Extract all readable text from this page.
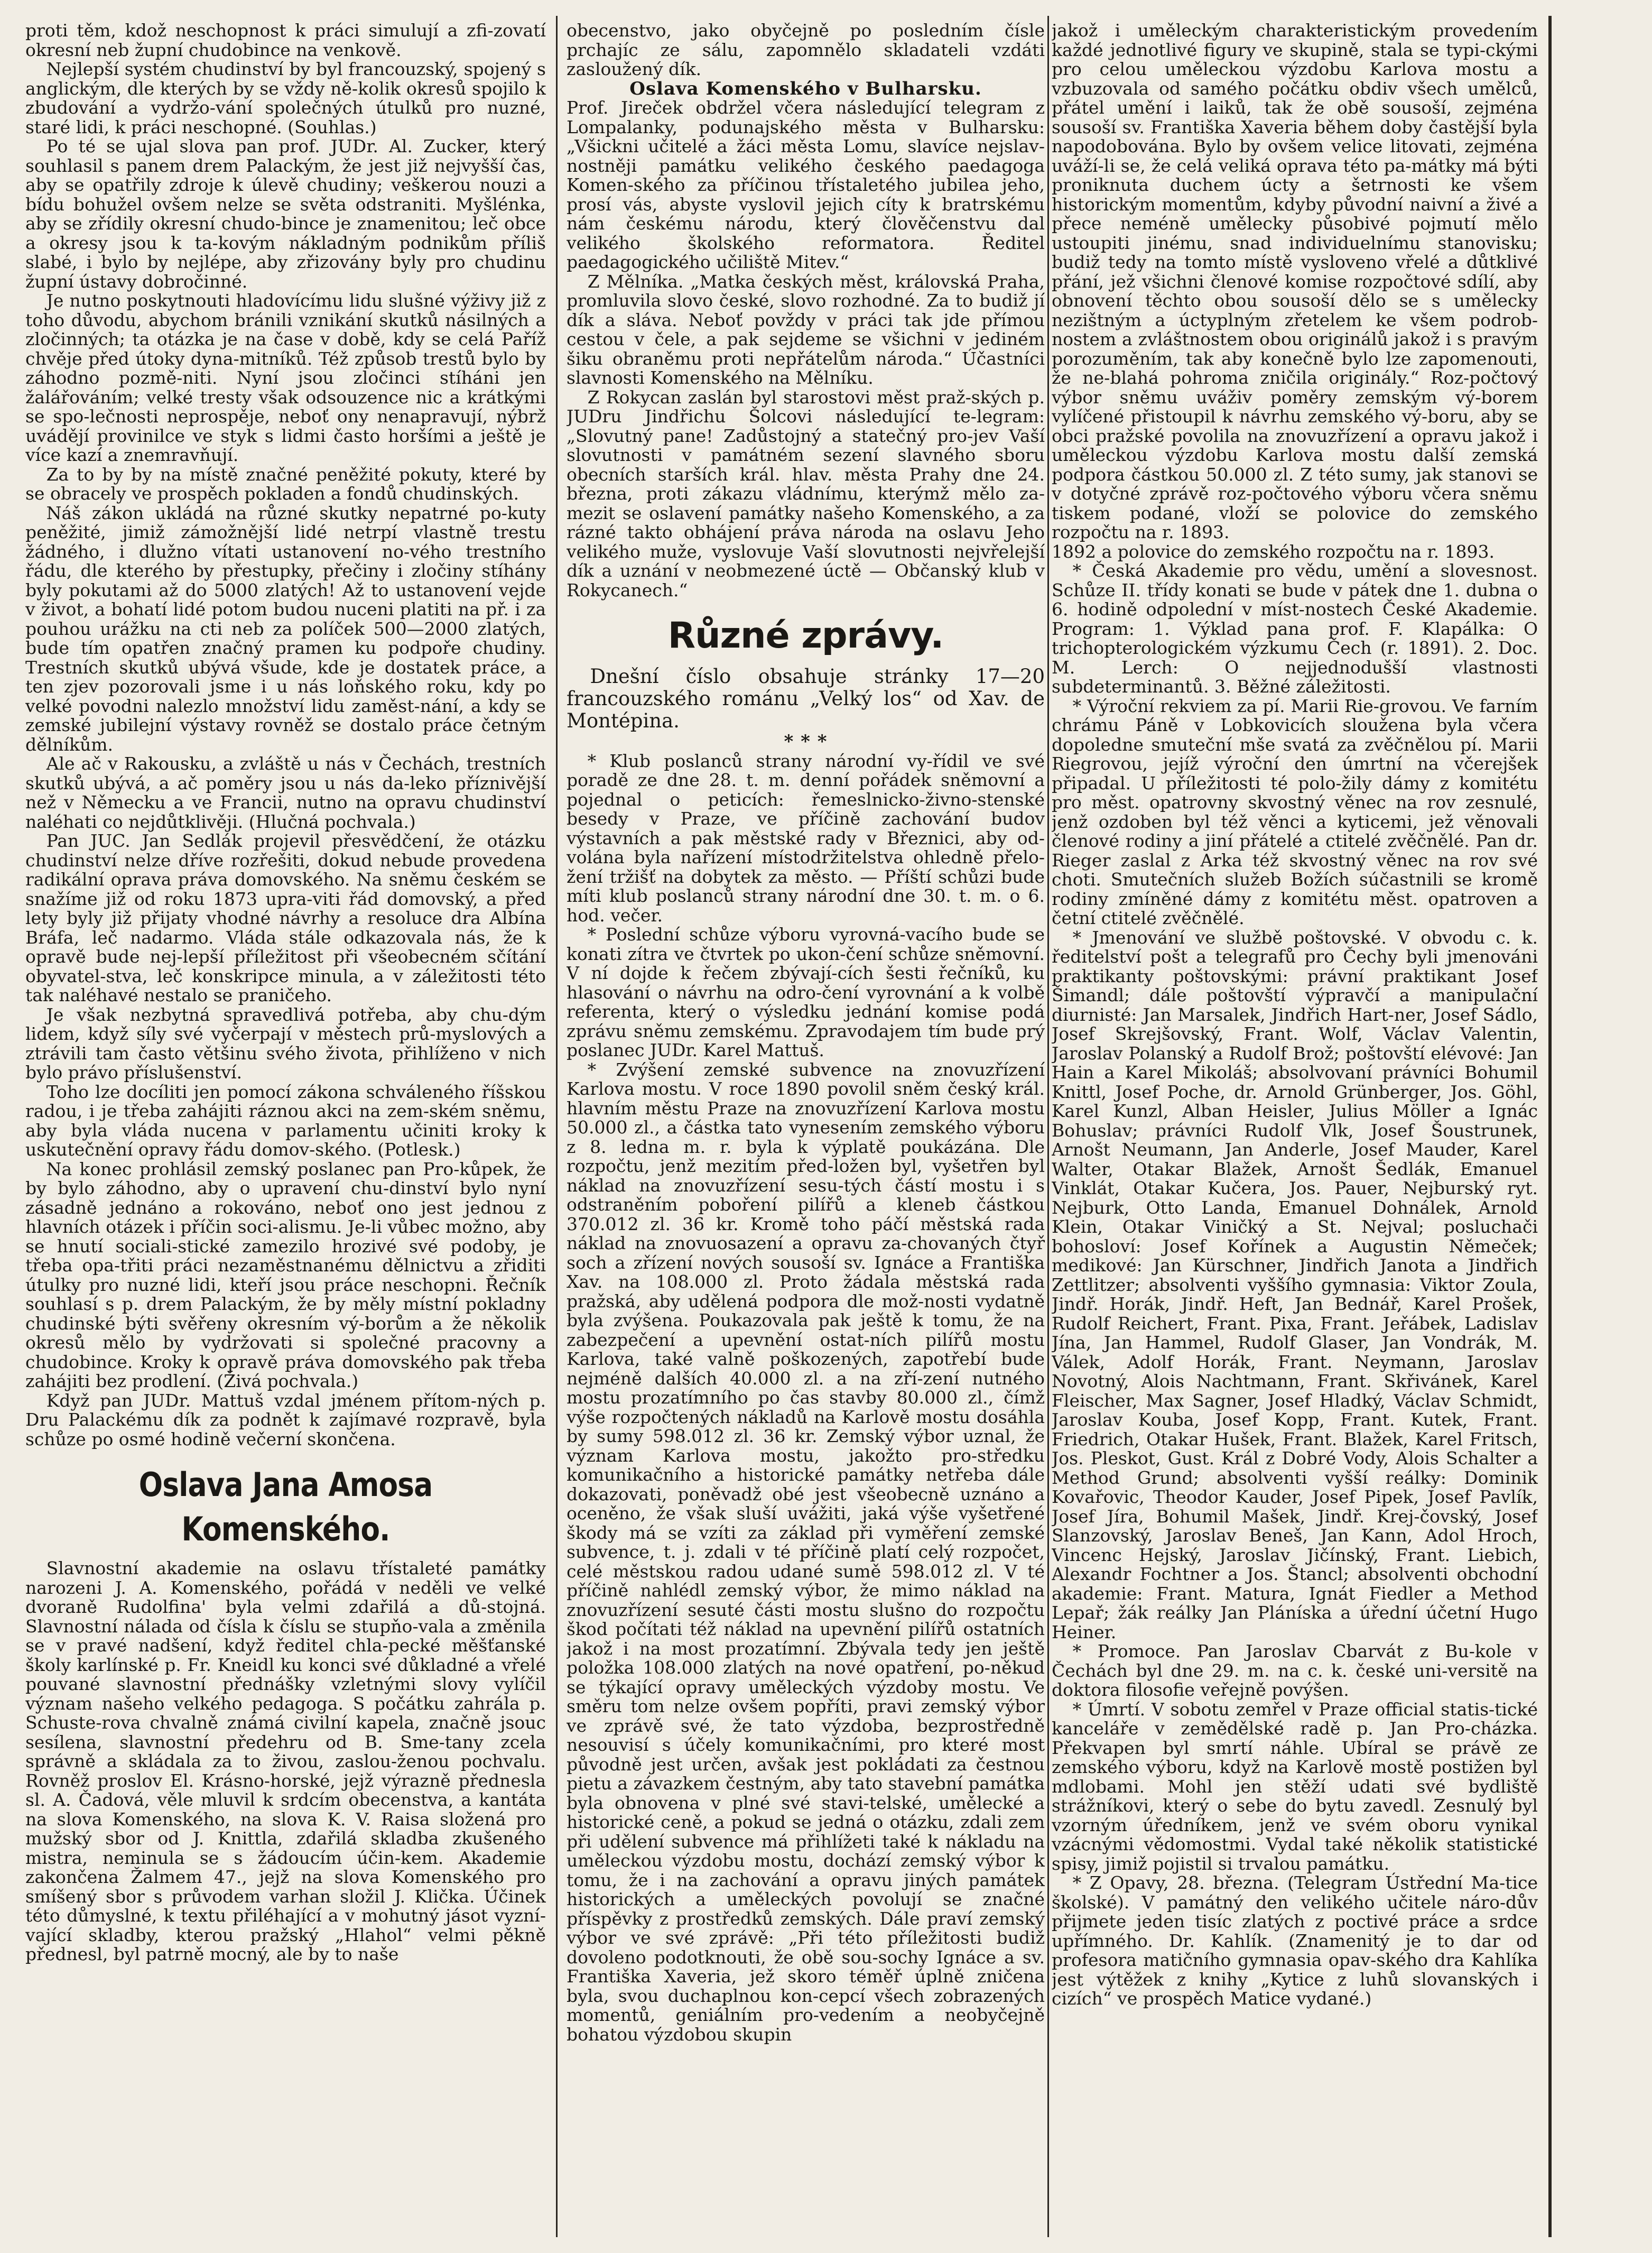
proti těm, kdož neschopnost k práci simulují a zfi-zovatí okresní neb župní chudobince na venkově.

Nejlepší systém chudinství by byl francouzský, spojený s anglickým, dle kterých by se vždy ně-kolik okresů spojilo k zbudování a vydržo-vání společných útulků pro nuzné, staré lidi, k práci neschopné. (Souhlas.)

Po té se ujal slova pan prof. JUDr. Al. Zucker, který souhlasil s panem drem Palackým, že jest již nejvyšší čas, aby se opatřily zdroje k úlevě chudiny; veškerou nouzi a bídu bohužel ovšem nelze se světa odstraniti. Myšlénka, aby se zřídily okresní chudo-bince je znamenitou; leč obce a okresy jsou k ta-kovým nákladným podnikům příliš slabé, i bylo by nejlépe, aby zřizovány byly pro chudinu župní ústavy dobročinné.

Je nutno poskytnouti hladovícímu lidu slušné výživy již z toho důvodu, abychom bránili vznikání skutků násilných a zločinných; ta otázka je na čase v době, kdy se celá Paříž chvěje před útoky dyna-mitníků. Též způsob trestů bylo by záhodno pozmě-niti. Nyní jsou zločinci stíháni jen žalářováním; velké tresty však odsouzence nic a krátkými se spo-lečnosti neprospěje, neboť ony nenapravují, nýbrž uvádějí provinilce ve styk s lidmi často horšími a ještě je více kazí a znemravňují.

Za to by by na místě značné peněžité pokuty, které by se obracely ve prospěch pokladen a fondů chudinských.

Náš zákon ukládá na různé skutky nepatrné po-kuty peněžité, jimiž zámožnější lidé netrpí vlastně trestu žádného, i dlužno vítati ustanovení no-vého trestního řádu, dle kterého by přestupky, přečiny i zločiny stíhány byly pokutami až do 5000 zlatých! Až to ustanovení vejde v život, a bohatí lidé potom budou nuceni platiti na př. i za pouhou urážku na cti neb za políček 500—2000 zlatých, bude tím opatřen značný pramen ku podpoře chudiny. Trestních skutků ubývá všude, kde je dostatek práce, a ten zjev pozorovali jsme i u nás loňského roku, kdy po velké povodni nalezlo množství lidu zaměst-nání, a kdy se zemské jubilejní výstavy rovněž se dostalo práce četným dělníkům.

Ale ač v Rakousku, a zvláště u nás v Čechách, trestních skutků ubývá, a ač poměry jsou u nás da-leko příznivější než v Německu a ve Francii, nutno na opravu chudinství naléhati co nejdůtklivěji. (Hlučná pochvala.)

Pan JUC. Jan Sedlák projevil přesvědčení, že otázku chudinství nelze dříve rozřešiti, dokud nebude provedena radikální oprava práva domovského. Na sněmu českém se snažíme již od roku 1873 upra-viti řád domovský, a před lety byly již přijaty vhodné návrhy a resoluce dra Albína Bráfa, leč nadarmo. Vláda stále odkazovala nás, že k opravě bude nej-lepší příležitost při všeobecném sčítání obyvatel-stva, leč konskripce minula, a v záležitosti této tak naléhavé nestalo se praničeho.

Je však nezbytná spravedlivá potřeba, aby chu-dým lidem, když síly své vyčerpají v městech prů-myslových a ztrávili tam často většinu svého života, přihlíženo v nich bylo právo příslušenství.

Toho lze docíliti jen pomocí zákona schváleného říšskou radou, i je třeba zahájiti ráznou akci na zem-ském sněmu, aby byla vláda nucena v parlamentu učiniti kroky k uskutečnění opravy řádu domov-ského. (Potlesk.)

Na konec prohlásil zemský poslanec pan Pro-kůpek, že by bylo záhodno, aby o upravení chu-dinství bylo nyní zásadně jednáno a rokováno, neboť ono jest jednou z hlavních otázek i příčin soci-alismu. Je-li vůbec možno, aby se hnutí sociali-stické zamezilo hrozivé své podoby, je třeba opa-třiti práci nezaměstnanému dělnictvu a zřiditi útulky pro nuzné lidi, kteří jsou práce neschopni. Řečník souhlasí s p. drem Palackým, že by měly místní pokladny chudinské býti svěřeny okresním vý-borům a že několik okresů mělo by vydržovati si společné pracovny a chudobince. Kroky k opravě práva domovského pak třeba zahájiti bez prodlení. (Živá pochvala.)

Když pan JUDr. Mattuš vzdal jménem přítom-ných p. Dru Palackému dík za podnět k zajímavé rozpravě, byla schůze po osmé hodině večerní skončena.

Oslava Jana Amosa Komenského.

Slavnostní akademie na oslavu třístaleté památky narozeni J. A. Komenského, pořádá v neděli ve velké dvoraně Rudolfina' byla velmi zdařilá a dů-stojná. Slavnostní nálada od čísla k číslu se stupňo-vala a změnila se v pravé nadšení, když ředitel chla-pecké měšťanské školy karlínské p. Fr. Kneidl ku konci své důkladné a vřelé pouvané slavnostní přednášky vzletnými slovy vylíčil význam našeho velkého pedagoga. S počátku zahrála p. Schuste-rova chvalně známá civilní kapela, značně jsouc sesílena, slavnostní předehru od B. Sme-tany zcela správně a skládala za to živou, zaslou-ženou pochvalu. Rovněž proslov El. Krásno-horské, jejž výrazně přednesla sl. A. Čadová, věle mluvil k srdcím obecenstva, a kantáta na slova Komenského, na slova K. V. Raisa složená pro mužský sbor od J. Knittla, zdařilá skladba zkušeného mistra, neminula se s žádoucím účin-kem. Akademie zakončena Žalmem 47., jejž na slova Komenského pro smíšený sbor s průvodem varhan složil J. Klička. Účinek této důmyslné, k textu přiléhající a v mohutný jásot vyzní-vající skladby, kterou pražský „Hlahol“ velmi pěkně přednesl, byl patrně mocný, ale by to naše

obecenstvo, jako obyčejně po posledním čísle prchajíc ze sálu, zapomnělo skladateli vzdáti zasloužený dík.

Oslava Komenského v Bulharsku.

Prof. Jireček obdržel včera následující telegram z Lompalanky, podunajského města v Bulharsku: „Všickni učitelé a žáci města Lomu, slavíce nejslav-nostněji památku velikého českého paedagoga Komen-ského za příčinou třístaletého jubilea jeho, prosí vás, abyste vyslovil jejich cíty k bratrskému nám českému národu, který člověčenstvu dal velikého školského reformatora. Ředitel paedagogického učiliště Mitev.“

Z Mělníka. „Matka českých měst, královská Praha, promluvila slovo české, slovo rozhodné. Za to budiž jí dík a sláva. Neboť povždy v práci tak jde přímou cestou v čele, a pak sejdeme se všichni v jediném šiku obraněmu proti nepřátelům národa.“ Účastníci slavnosti Komenského na Mělníku.

Z Rokycan zaslán byl starostovi měst praž-ských p. JUDru Jindřichu Šolcovi následující te-legram: „Slovutný pane! Zadůstojný a statečný pro-jev Vaší slovutnosti v památném sezení slavného sboru obecních starších král. hlav. města Prahy dne 24. března, proti zákazu vládnímu, kterýmž mělo za-mezit se oslavení památky našeho Komenského, a za rázné takto obhájení práva národa na oslavu Jeho velikého muže, vyslovuje Vaší slovutnosti nejvřelejší dík a uznání v neobmezené úctě — Občanský klub v Rokycanech.“

Různé zprávy.

Dnešní číslo obsahuje stránky 17—20 francouzského románu „Velký los“ od Xav. de Montépina.

* * *

* Klub poslanců strany národní vy-řídil ve své poradě ze dne 28. t. m. denní pořádek sněmovní a pojednal o peticích: řemeslnicko-živno-stenské besedy v Praze, ve příčině zachování budov výstavních a pak městské rady v Březnici, aby od-volána byla nařízení místodržitelstva ohledně přelo-žení tržišť na dobytek za město. — Příští schůzi bude míti klub poslanců strany národní dne 30. t. m. o 6. hod. večer.

* Poslední schůze výboru vyrovná-vacího bude se konati zítra ve čtvrtek po ukon-čení schůze sněmovní. V ní dojde k řečem zbývají-cích šesti řečníků, ku hlasování o návrhu na odro-čení vyrovnání a k volbě referenta, který o výsledku jednání komise podá zprávu sněmu zemskému. Zpravodajem tím bude prý poslanec JUDr. Karel Mattuš.

* Zvýšení zemské subvence na znovuzřízení Karlova mostu. V roce 1890 povolil sněm český král. hlavním městu Praze na znovuzřízení Karlova mostu 50.000 zl., a částka tato vynesením zemského výboru z 8. ledna m. r. byla k výplatě poukázána. Dle rozpočtu, jenž mezitím před-ložen byl, vyšetřen byl náklad na znovuzřízení sesu-tých částí mostu i s odstraněním poboření pilířů a kleneb částkou 370.012 zl. 36 kr. Kromě toho páčí městská rada náklad na znovuosazení a opravu za-chovaných čtyř soch a zřízení nových sousoší sv. Ignáce a Františka Xav. na 108.000 zl. Proto žádala městská rada pražská, aby udělená podpora dle mož-nosti vydatně byla zvýšena. Poukazovala pak ještě k tomu, že na zabezpečení a upevnění ostat-ních pilířů mostu Karlova, také valně poškozených, zapotřebí bude nejméně dalších 40.000 zl. a na zří-zení nutného mostu prozatímního po čas stavby 80.000 zl., čímž výše rozpočtených nákladů na Karlově mostu dosáhla by sumy 598.012 zl. 36 kr. Zemský výbor uznal, že význam Karlova mostu, jakožto pro-středku komunikačního a historické památky netřeba dále dokazovati, poněvadž obé jest všeobecně uznáno a oceněno, že však sluší uvážiti, jaká výše vyšetřené škody má se vzíti za základ při vyměření zemské subvence, t. j. zdali v té příčině platí celý rozpočet, celé městskou radou udané sumě 598.012 zl. V té příčině nahlédl zemský výbor, že mimo náklad na znovuzřízení sesuté části mostu slušno do rozpočtu škod počítati též náklad na upevnění pilířů ostatních jakož i na most prozatímní. Zbývala tedy jen ještě položka 108.000 zlatých na nové opatření, po-někud se týkající opravy uměleckých výzdoby mostu. Ve směru tom nelze ovšem popříti, pravi zemský výbor ve zprávě své, že tato výzdoba, bezprostředně nesouvisí s účely komunikačními, pro které most původně jest určen, avšak jest pokládati za čestnou pietu a závazkem čestným, aby tato stavební památka byla obnovena v plné své stavi-telské, umělecké a historické ceně, a pokud se jedná o otázku, zdali zem při udělení subvence má přihlížeti také k nákladu na uměleckou výzdobu mostu, dochází zemský výbor k tomu, že i na zachování a opravu jiných památek historických a uměleckých povolují se značné příspěvky z prostředků zemských. Dále praví zemský výbor ve své zprávě: „Při této příležitosti budiž dovoleno podotknouti, že obě sou-sochy Ignáce a sv. Františka Xaveria, jež skoro téměř úplně zničena byla, svou duchaplnou kon-cepcí všech zobrazených momentů, geniálním pro-vedením a neobyčejně bohatou výzdobou skupin

jakož i uměleckým charakteristickým provedením každé jednotlivé figury ve skupině, stala se typi-ckými pro celou uměleckou výzdobu Karlova mostu a vzbuzovala od samého počátku obdiv všech umělců, přátel umění i laiků, tak že obě sousoší, zejména sousoší sv. Františka Xaveria během doby častější byla napodobována. Bylo by ovšem velice litovati, zejména uváží-li se, že celá veliká oprava této pa-mátky má býti proniknuta duchem úcty a šetrnosti ke všem historickým momentům, kdyby původní naivní a živé a přece neméně umělecky působivé pojmutí mělo ustoupiti jinému, snad individuelnímu stanovisku; budiž tedy na tomto místě vysloveno vřelé a důtklivé přání, jež všichni členové komise rozpočtové sdílí, aby obnovení těchto obou sousoší dělo se s umělecky nezištným a úctyplným zřetelem ke všem podrob-nostem a zvláštnostem obou originálů jakož i s pravým porozuměním, tak aby konečně bylo lze zapomenouti, že ne-blahá pohroma zničila originály.“ Roz-počtový výbor sněmu uváživ poměry zemským vý-borem vylíčené přistoupil k návrhu zemského vý-boru, aby se obci pražské povolila na znovuzřízení a opravu jakož i uměleckou výzdobu Karlova mostu další zemská podpora částkou 50.000 zl. Z této sumy, jak stanovi se v dotyčné zprávě roz-počtového výboru včera sněmu tiskem podané, vloží se polovice do zemského rozpočtu na r. 1893.

1892 a polovice do zemského rozpočtu na r. 1893.

* Česká Akademie pro vědu, umění a slovesnost. Schůze II. třídy konati se bude v pátek dne 1. dubna o 6. hodině odpolední v míst-nostech České Akademie. Program: 1. Výklad pana prof. F. Klapálka: O trichopterologickém výzkumu Čech (r. 1891). 2. Doc. M. Lerch: O nejjednodušší vlastnosti subdeterminantů. 3. Běžné záležitosti.

* Výroční rekviem za pí. Marii Rie-grovou. Ve farním chrámu Páně v Lobkovicích sloužena byla včera dopoledne smuteční mše svatá za zvěčnělou pí. Marii Riegrovou, jejíž výroční den úmrtní na včerejšek připadal. U příležitosti té polo-žily dámy z komitétu pro měst. opatrovny skvostný věnec na rov zesnulé, jenž ozdoben byl též věnci a kyticemi, jež věnovali členové rodiny a jiní přátelé a ctitelé zvěčnělé. Pan dr. Rieger zaslal z Arka též skvostný věnec na rov své choti. Smutečních služeb Božích súčastnili se kromě rodiny zmíněné dámy z komitétu měst. opatroven a četní ctitelé zvěčnělé.

* Jmenování ve službě poštovské. V obvodu c. k. ředitelství pošt a telegrafů pro Čechy byli jmenováni praktikanty poštovskými: právní praktikant Josef Šimandl; dále poštovští výpravčí a manipulační diurnisté: Jan Marsalek, Jindřich Hart-ner, Josef Sádlo, Josef Skrejšovský, Frant. Wolf, Václav Valentin, Jaroslav Polanský a Rudolf Brož; poštovští elévové: Jan Hain a Karel Mikoláš; absolvovaní právníci Bohumil Knittl, Josef Poche, dr. Arnold Grünberger, Jos. Göhl, Karel Kunzl, Alban Heisler, Julius Möller a Ignác Bohuslav; právníci Rudolf Vlk, Josef Šoustrunek, Arnošt Neumann, Jan Anderle, Josef Mauder, Karel Walter, Otakar Blažek, Arnošt Šedlák, Emanuel Vinklát, Otakar Kučera, Jos. Pauer, Nejburský ryt. Nejburk, Otto Landa, Emanuel Dohnálek, Arnold Klein, Otakar Viničký a St. Nejval; posluchači bohosloví: Josef Kořínek a Augustin Němeček; medikové: Jan Kürschner, Jindřich Janota a Jindřich Zettlitzer; absolventi vyššího gymnasia: Viktor Zoula, Jindř. Horák, Jindř. Heft, Jan Bednář, Karel Prošek, Rudolf Reichert, Frant. Pixa, Frant. Jeřábek, Ladislav Jína, Jan Hammel, Rudolf Glaser, Jan Vondrák, M. Válek, Adolf Horák, Frant. Neymann, Jaroslav Novotný, Alois Nachtmann, Frant. Skřivánek, Karel Fleischer, Max Sagner, Josef Hladký, Václav Schmidt, Jaroslav Kouba, Josef Kopp, Frant. Kutek, Frant. Friedrich, Otakar Hušek, Frant. Blažek, Karel Fritsch, Jos. Pleskot, Gust. Král z Dobré Vody, Alois Schalter a Method Grund; absolventi vyšší reálky: Dominik Kovařovic, Theodor Kauder, Josef Pipek, Josef Pavlík, Josef Jíra, Bohumil Mašek, Jindř. Krej-čovský, Josef Slanzovský, Jaroslav Beneš, Jan Kann, Adol Hroch, Vincenc Hejský, Jaroslav Jičínský, Frant. Liebich, Alexandr Fochtner a Jos. Štancl; absolventi obchodní akademie: Frant. Matura, Ignát Fiedler a Method Lepař; žák reálky Jan Pláníska a úřední účetní Hugo Heiner.

* Promoce. Pan Jaroslav Cbarvát z Bu-kole v Čechách byl dne 29. m. na c. k. české uni-versitě na doktora filosofie veřejně povýšen.

* Úmrtí. V sobotu zemřel v Praze official statis-tické kanceláře v zemědělské radě p. Jan Pro-cházka. Překvapen byl smrtí náhle. Ubíral se právě ze zemského výboru, když na Karlově mostě postižen byl mdlobami. Mohl jen stěží udati své bydliště strážníkovi, který o sebe do bytu zavedl. Zesnulý byl vzorným úředníkem, jenž ve svém oboru vynikal vzácnými vědomostmi. Vydal také několik statistické spisy, jimiž pojistil si trvalou památku.

* Z Opavy, 28. března. (Telegram Ústřední Ma-tice školské). V památný den velikého učitele náro-dův přijmete jeden tisíc zlatých z poctivé práce a srdce upřímného. Dr. Kahlík. (Znamenitý je to dar od profesora matičního gymnasia opav-ského dra Kahlíka jest výtěžek z knihy „Kytice z luhů slovanských i cizích“ ve prospěch Matice vydané.)
